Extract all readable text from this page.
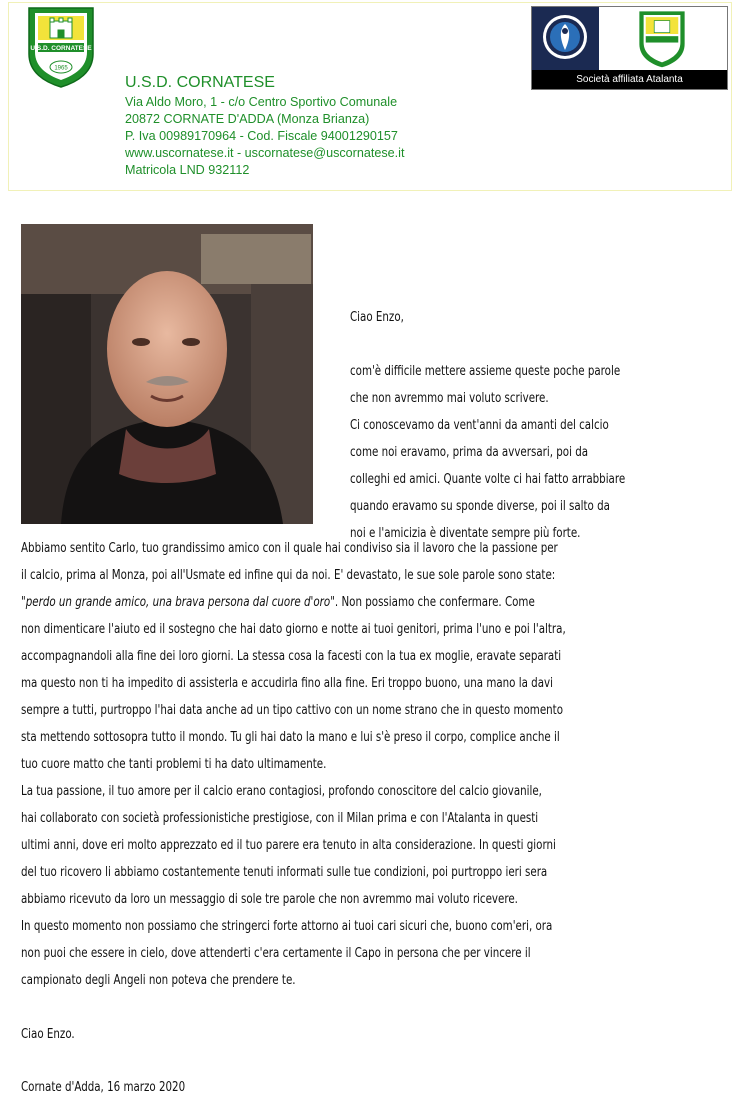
U.S.D. CORNATESE
1965
U.S.D. CORNATESE
Via Aldo Moro, 1 - c/o Centro Sportivo Comunale
20872 CORNATE D'ADDA (Monza Brianza)
P. Iva 00989170964 - Cod. Fiscale 94001290157
www.uscornatese.it - uscornatese@uscornatese.it
Matricola LND 932112
Società affiliata Atalanta
Ciao Enzo,
com'è difficile mettere assieme queste poche parole
che non avremmo mai voluto scrivere.
Ci conoscevamo da vent'anni da amanti del calcio
come noi eravamo, prima da avversari, poi da
colleghi ed amici. Quante volte ci hai fatto arrabbiare
quando eravamo su sponde diverse, poi il salto da
noi e l'amicizia è diventate sempre più forte.
Abbiamo sentito Carlo, tuo grandissimo amico con il quale hai condiviso sia il lavoro che la passione per
il calcio, prima al Monza, poi all'Usmate ed infine qui da noi. E' devastato, le sue sole parole sono state:
"perdo un grande amico, una brava persona dal cuore d'oro". Non possiamo che confermare. Come
non dimenticare l'aiuto ed il sostegno che hai dato giorno e notte ai tuoi genitori, prima l'uno e poi l'altra,
accompagnandoli alla fine dei loro giorni. La stessa cosa la facesti con la tua ex moglie, eravate separati
ma questo non ti ha impedito di assisterla e accudirla fino alla fine. Eri troppo buono, una mano la davi
sempre a tutti, purtroppo l'hai data anche ad un tipo cattivo con un nome strano che in questo momento
sta mettendo sottosopra tutto il mondo. Tu gli hai dato la mano e lui s'è preso il corpo, complice anche il
tuo cuore matto che tanti problemi ti ha dato ultimamente.
La tua passione, il tuo amore per il calcio erano contagiosi, profondo conoscitore del calcio giovanile,
hai collaborato con società professionistiche prestigiose, con il Milan prima e con l'Atalanta in questi
ultimi anni, dove eri molto apprezzato ed il tuo parere era tenuto in alta considerazione. In questi giorni
del tuo ricovero li abbiamo costantemente tenuti informati sulle tue condizioni, poi purtroppo ieri sera
abbiamo ricevuto da loro un messaggio di sole tre parole che non avremmo mai voluto ricevere.
In questo momento non possiamo che stringerci forte attorno ai tuoi cari sicuri che, buono com'eri, ora
non puoi che essere in cielo, dove attenderti c'era certamente il Capo in persona che per vincere il
campionato degli Angeli non poteva che prendere te.
Ciao Enzo.
Cornate d'Adda, 16 marzo 2020
